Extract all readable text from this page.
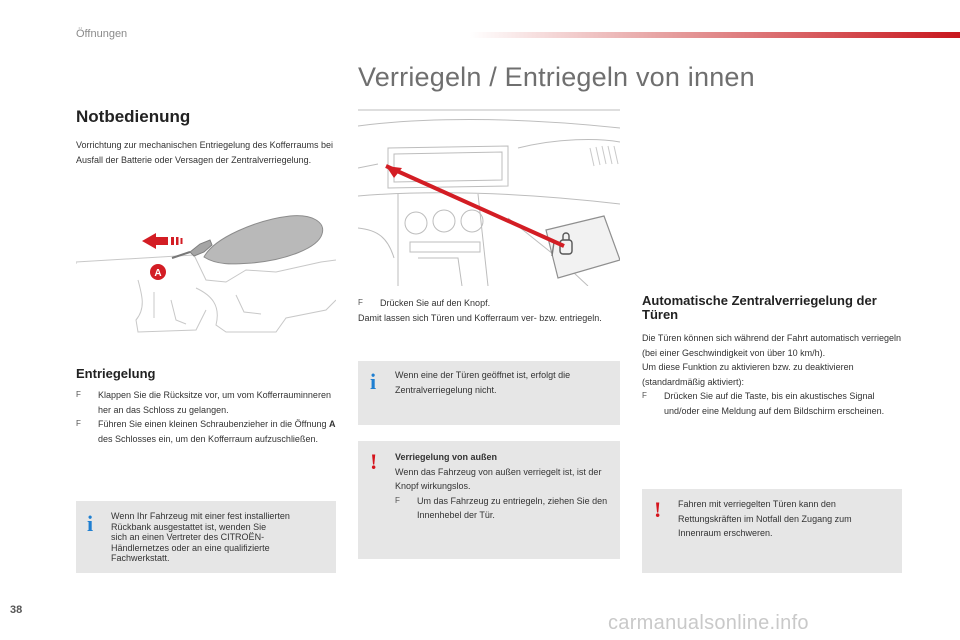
Öffnungen
Verriegeln / Entriegeln von innen
Notbedienung

Vorrichtung zur mechanischen Entriegelung des Kofferraums bei Ausfall der Batterie oder Versagen der Zentralverriegelung.

A
Entriegelung
F Klappen Sie die Rücksitze vor, um vom Kofferrauminneren her an das Schloss zu gelangen.
F Führen Sie einen kleinen Schraubenzieher in die Öffnung A des Schlosses ein, um den Kofferraum aufzuschließen.
i Wenn Ihr Fahrzeug mit einer fest installierten
Rückbank ausgestattet ist, wenden Sie
sich an einen Vertreter des CITROËN-
Händlernetzes oder an eine qualifizierte
Fachwerkstatt.
F Drücken Sie auf den Knopf.
Damit lassen sich Türen und Kofferraum ver- bzw. entriegeln.
i Wenn eine der Türen geöffnet ist, erfolgt die Zentralverriegelung nicht.
! Verriegelung von außen
Wenn das Fahrzeug von außen verriegelt ist, ist der Knopf wirkungslos.
F Um das Fahrzeug zu entriegeln, ziehen Sie den Innenhebel der Tür.
Automatische Zentralverriegelung der Türen
Die Türen können sich während der Fahrt automatisch verriegeln (bei einer Geschwindigkeit von über 10 km/h).
Um diese Funktion zu aktivieren bzw. zu deaktivieren (standardmäßig aktiviert):
F Drücken Sie auf die Taste, bis ein akustisches Signal und/oder eine Meldung auf dem Bildschirm erscheinen.
! Fahren mit verriegelten Türen kann den Rettungskräften im Notfall den Zugang zum Innenraum erschweren.
38
carmanualsonline.info
